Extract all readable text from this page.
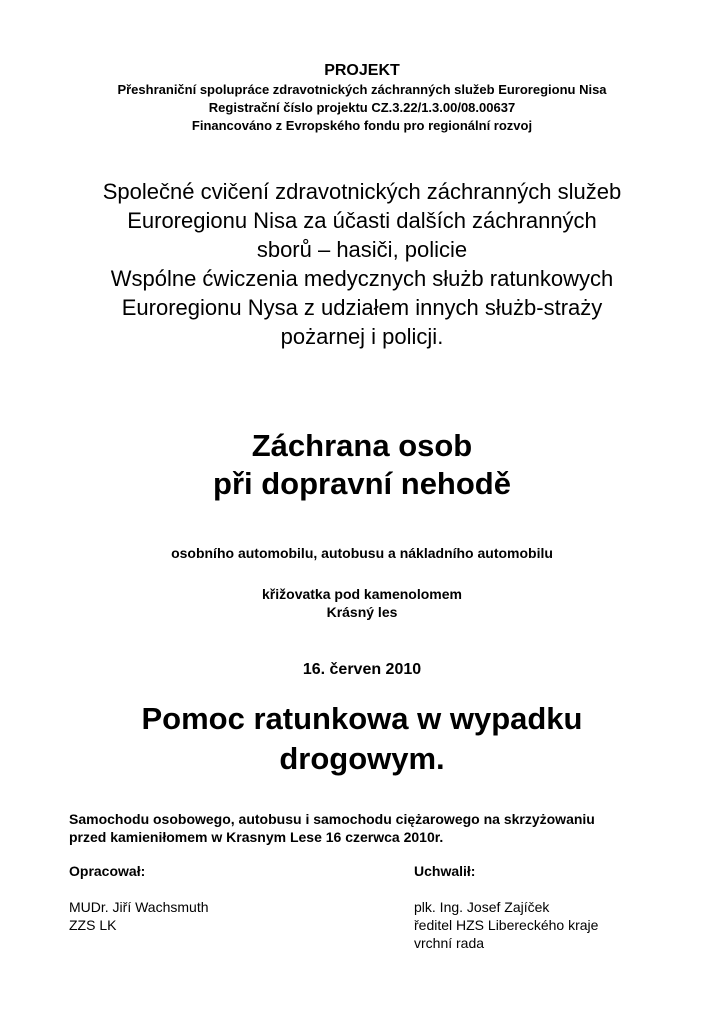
PROJEKT
Přeshraniční spolupráce zdravotnických záchranných služeb Euroregionu Nisa
Registrační číslo projektu CZ.3.22/1.3.00/08.00637
Financováno z Evropského fondu pro regionální rozvoj
Společné cvičení zdravotnických záchranných služeb
Euroregionu Nisa za účasti dalších záchranných
sborů – hasiči, policie
Wspólne ćwiczenia medycznych służb ratunkowych
Euroregionu Nysa z udziałem innych służb-straży
pożarnej i policji.
Záchrana osob
při dopravní nehodě
osobního automobilu, autobusu a nákladního automobilu
křižovatka pod kamenolomem
Krásný les
16. červen 2010
Pomoc ratunkowa w wypadku
drogowym.
Samochodu osobowego, autobusu i samochodu ciężarowego na skrzyżowaniu
przed kamieniłomem w Krasnym Lese 16 czerwca 2010r.
Opracował:
MUDr. Jiří Wachsmuth
ZZS LK
Uchwalił:
plk. Ing. Josef Zajíček
ředitel HZS Libereckého kraje
vrchní rada
